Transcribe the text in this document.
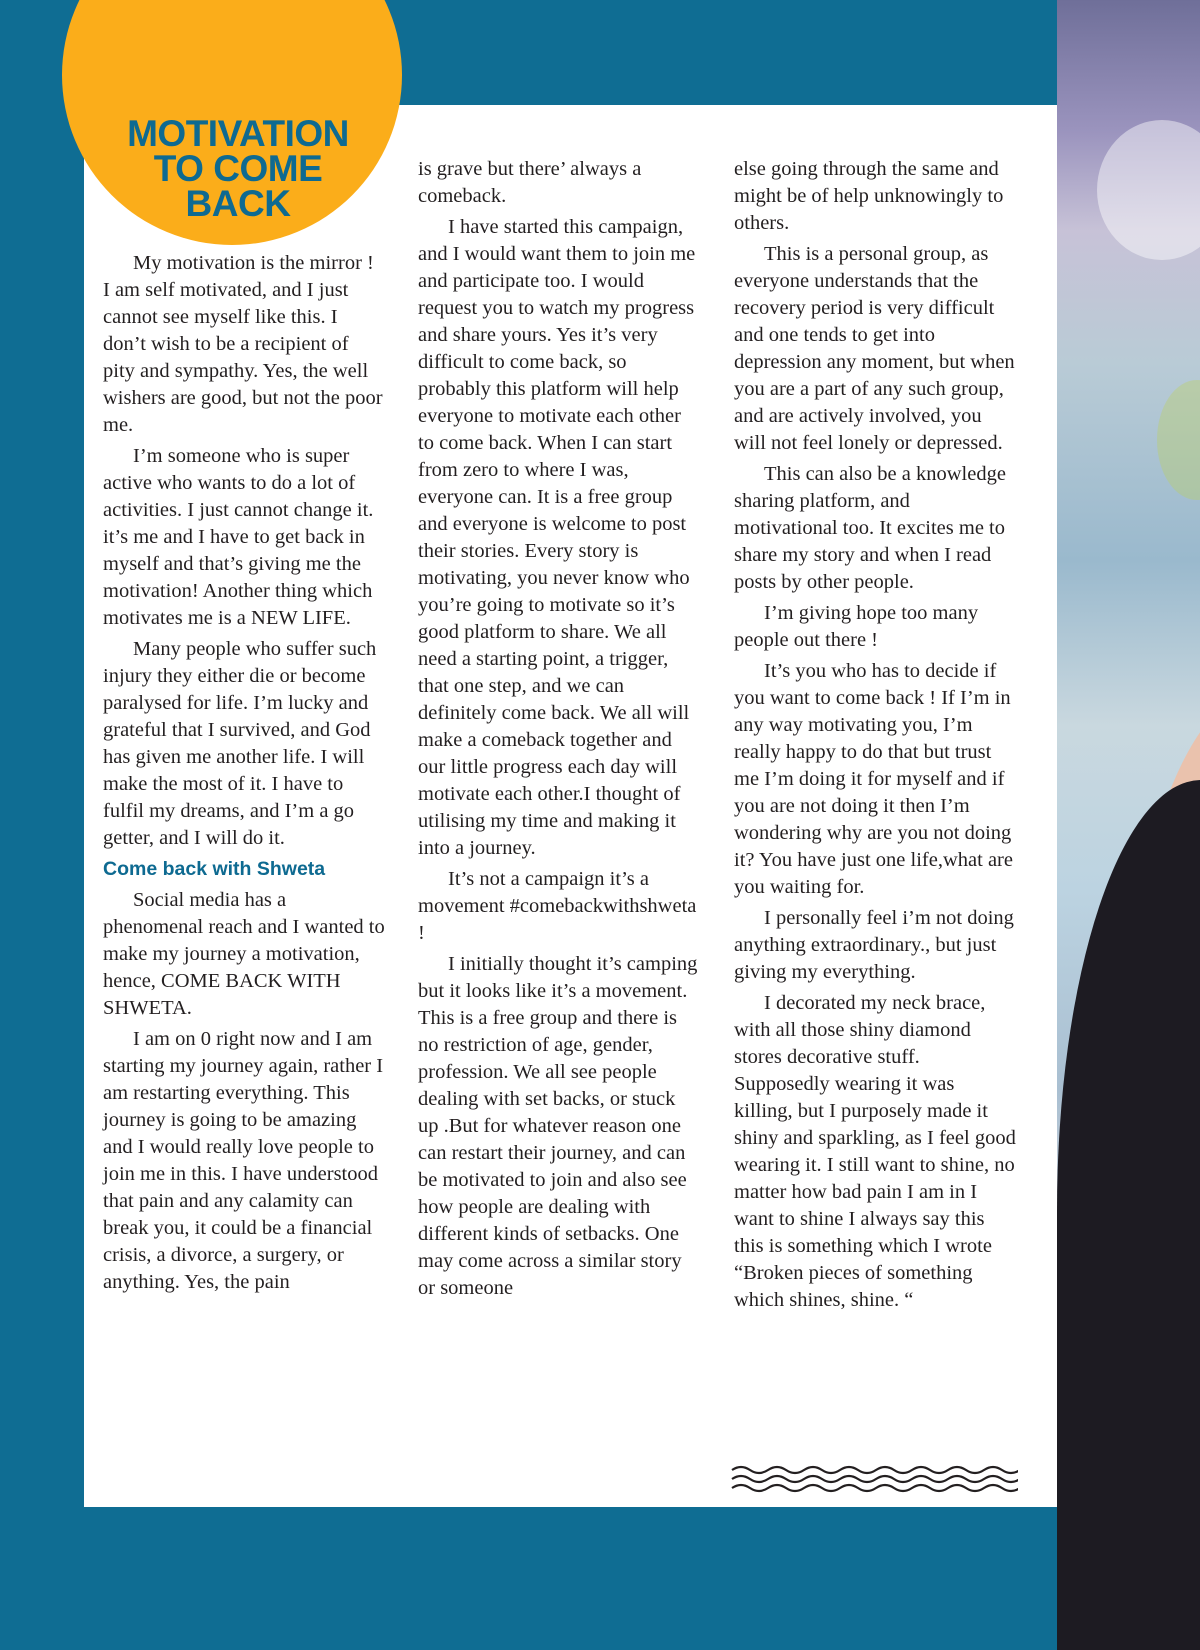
MOTIVATION
TO COME
BACK

My motivation is the mirror ! I am self motivated, and I just cannot see myself like this. I don’t wish to be a recipient of pity and sympathy. Yes, the well wishers are good, but not the poor me.

I’m someone who is super active who wants to do a lot of activities. I just cannot change it. it’s me and I have to get back in myself and that’s giving me the motivation! Another thing which motivates me is a NEW LIFE.

Many people who suffer such injury they either die or become paralysed for life. I’m lucky and grateful that I survived, and God has given me another life. I will make the most of it. I have to fulfil my dreams, and I’m a go getter, and I will do it.

Come back with Shweta

Social media has a phenomenal reach and I wanted to make my journey a motivation, hence, COME BACK WITH SHWETA.

I am on 0 right now and I am starting my journey again, rather I am restarting everything. This journey is going to be amazing and I would really love people to join me in this. I have understood that pain and any calamity can break you, it could be a financial crisis, a divorce, a surgery, or anything. Yes, the pain

is grave but there’ always a comeback.

I have started this campaign, and I would want them to join me and participate too. I would request you to watch my progress and share yours. Yes it’s very difficult to come back, so probably this platform will help everyone to motivate each other to come back. When I can start from zero to where I was, everyone can. It is a free group and everyone is welcome to post their stories. Every story is motivating, you never know who you’re going to motivate so it’s good platform to share. We all need a starting point, a trigger, that one step, and we can definitely come back. We all will make a comeback together and our little progress each day will motivate each other.I thought of utilising my time and making it into a journey.

It’s not a campaign it’s a movement #comebackwithshweta !

I initially thought it’s camping but it looks like it’s a movement. This is a free group and there is no restriction of age, gender, profession. We all see people dealing with set backs, or stuck up .But for whatever reason one can restart their journey, and can be motivated to join and also see how people are dealing with different kinds of setbacks. One may come across a similar story or someone

else going through the same and might be of help unknowingly to others.

This is a personal group, as everyone understands that the recovery period is very difficult and one tends to get into depression any moment, but when you are a part of any such group, and are actively involved, you will not feel lonely or depressed.

This can also be a knowledge sharing platform, and motivational too. It excites me to share my story and when I read posts by other people.

I’m giving hope too many people out there !

It’s you who has to decide if you want to come back ! If I’m in any way motivating you, I’m really happy to do that but trust me I’m doing it for myself and if you are not doing it then I’m wondering why are you not doing it? You have just one life,what are you waiting for.

I personally feel i’m not doing anything extraordinary., but just giving my everything.

I decorated my neck brace, with all those shiny diamond stores decorative stuff. Supposedly wearing it was killing, but I purposely made it shiny and sparkling, as I feel good wearing it. I still want to shine, no matter how bad pain I am in I want to shine I always say this this is something which I wrote “Broken pieces of something which shines, shine. “
